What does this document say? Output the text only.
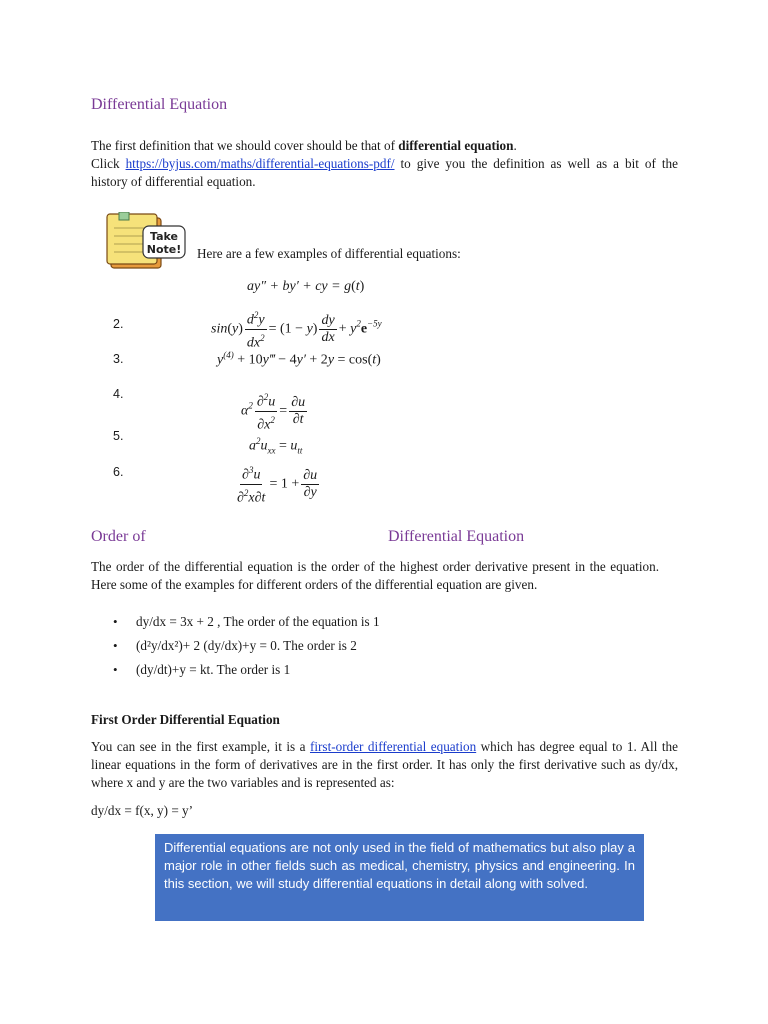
Differential Equation
The first definition that we should cover should be that of differential equation.
Click https://byjus.com/maths/differential-equations-pdf/ to give you the definition as well as a bit of the history of differential equation.
Take
Note! Here are a few examples of differential equations:
ay″ + by′ + cy = g(t)
2.	$\sin(y) \frac{d^2y}{dx^2} = (1 - y) \frac{dy}{dx} + y^2e^{-5y}$
3.	$y^{(4)}$ + 10y‴ − 4y′ + 2y = cos(t)
4.
$\alpha^2 \frac{\partial^2u}{\partial x^2} = \frac{\partial u}{\partial t}$
5.
$a^2u_{xx} = u_{tt}$
6.	$\frac{\partial^3u}{\partial^2x\partial t} = 1 + \frac{\partial u}{\partial y}$
Order of	Differential Equation
The order of the differential equation is the order of the highest order derivative present in the equation. Here some of the examples for different orders of the differential equation are given.
• dy/dx = 3x + 2 , The order of the equation is 1
• (d²y/dx²)+ 2 (dy/dx)+y = 0. The order is 2
• (dy/dt)+y = kt. The order is 1
First Order Differential Equation
You can see in the first example, it is a first-order differential equation which has degree equal to 1. All the linear equations in the form of derivatives are in the first order. It has only the first derivative such as dy/dx, where x and y are the two variables and is represented as:
dy/dx = f(x, y) = y’
Differential equations are not only used in the field of mathematics but also play a major role in other fields such as medical, chemistry, physics and engineering. In this section, we will study differential equations in detail along with solved.
